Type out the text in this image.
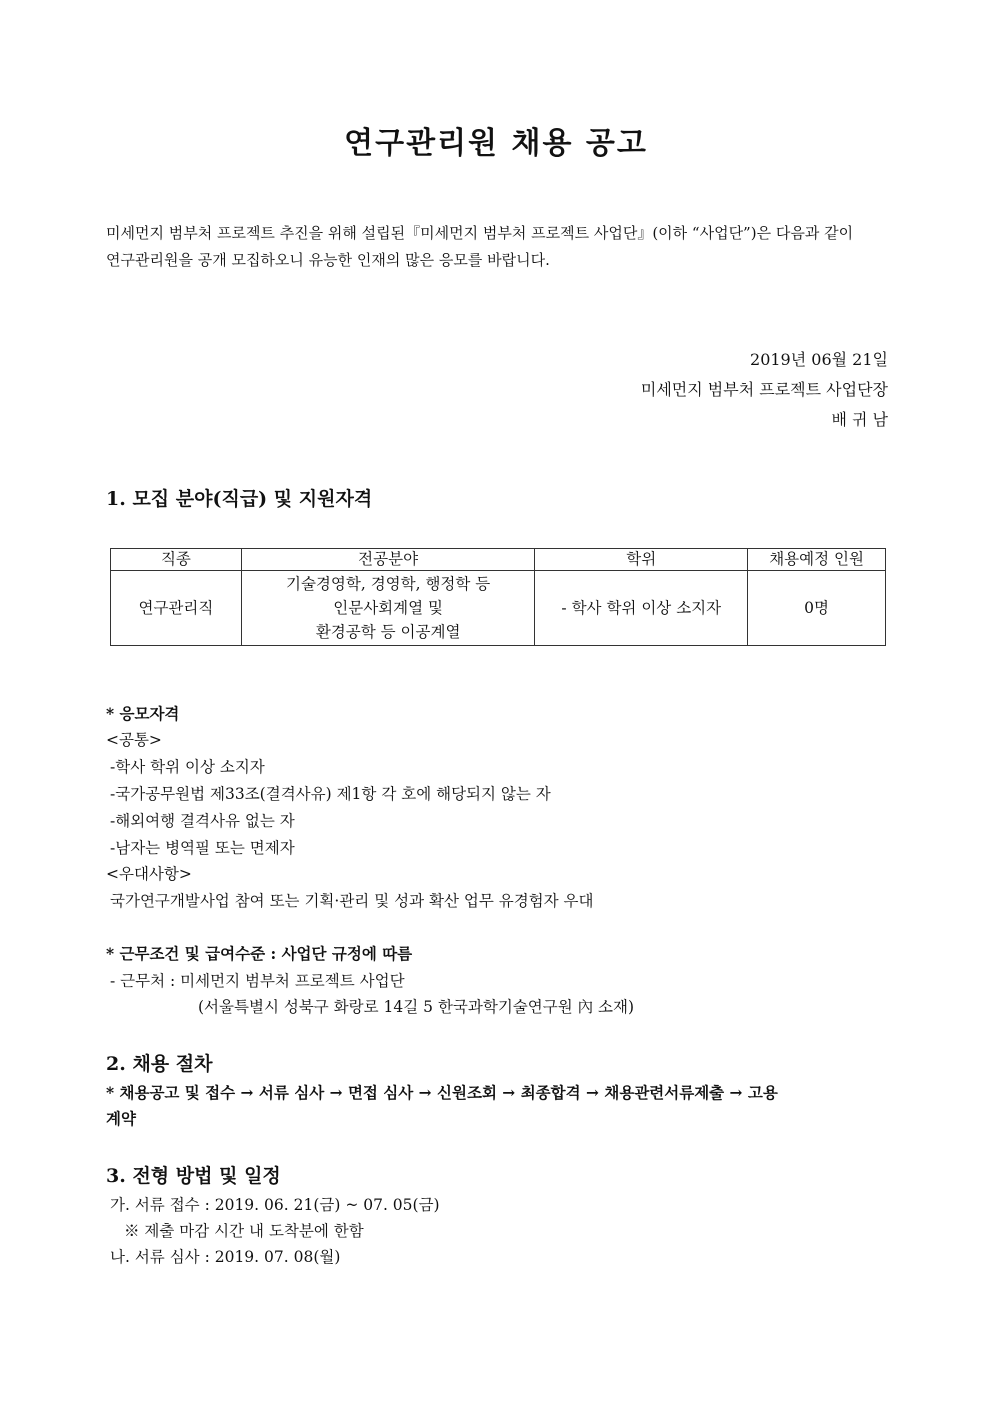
연구관리원 채용 공고
미세먼지 범부처 프로젝트 추진을 위해 설립된『미세먼지 범부처 프로젝트 사업단』(이하 “사업단”)은 다음과 같이
연구관리원을 공개 모집하오니 유능한 인재의 많은 응모를 바랍니다.
2019년 06월 21일
미세먼지 범부처 프로젝트 사업단장
배 귀 남
1. 모집 분야(직급) 및 지원자격
직종	전공분야	학위	채용예정 인원
연구관리직	기술경영학, 경영학, 행정학 등
인문사회계열 및
환경공학 등 이공계열	- 학사 학위 이상 소지자	0명
* 응모자격
<공통>
-학사 학위 이상 소지자
-국가공무원법 제33조(결격사유) 제1항 각 호에 해당되지 않는 자
-해외여행 결격사유 없는 자
-남자는 병역필 또는 면제자
<우대사항>
국가연구개발사업 참여 또는 기획·관리 및 성과 확산 업무 유경험자 우대
* 근무조건 및 급여수준 : 사업단 규정에 따름
- 근무처 : 미세먼지 범부처 프로젝트 사업단
(서울특별시 성북구 화랑로 14길 5 한국과학기술연구원 內 소재)
2. 채용 절차
* 채용공고 및 접수 → 서류 심사 → 면접 심사 → 신원조회 → 최종합격 → 채용관련서류제출 → 고용
계약
3. 전형 방법 및 일정
가. 서류 접수 : 2019. 06. 21(금) ~ 07. 05(금)
※ 제출 마감 시간 내 도착분에 한함
나. 서류 심사 : 2019. 07. 08(월)
